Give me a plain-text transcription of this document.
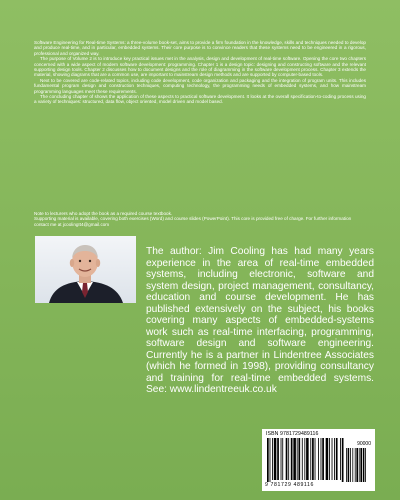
Software Engineering for Real-time Systems: a three-volume book-set, aims to provide a firm foundation in the knowledge, skills and techniques needed to develop and produce real-time, and in particular, embedded systems. Their core purpose is to convince readers that these systems need to be engineered in a rigorous, professional and organized way.

The purpose of Volume 2 is to introduce key practical issues met in the analysis, design and development of real-time software. Opening the core two chapters concerned with a wide aspect of modern software development: programming. Chapter 1 is a design topic: designing and constructing software and the relevant supporting design tools. Chapter 2 discusses how to document designs and the role of diagramming in the software development process. Chapter 3 extends the material, showing diagrams that are a common use, are important to mainstream design methods and are supported by computer-based tools.

Next to be covered are code-related topics, including code development, code organization and packaging and the integration of program units. This includes fundamental program design and construction techniques, computing technology, the programming needs of embedded systems, and how mainstream programming languages meet these requirements.

The concluding chapter of shows the application of these aspects to practical software development. It looks at the overall specification-to-coding process using a variety of techniques: structured, data flow, object oriented, model driven and model based.

Note to lecturers who adopt the book as a required course textbook.

Supporting material is available, covering both exercises (Word) and course slides (PowerPoint). This core is provided free of charge. For further information contact me at jcoolingIt4@gmail.com

The author: Jim Cooling has had many years experience in the area of real-time embedded systems, including electronic, software and system design, project management, consultancy, education and course development. He has published extensively on the subject, his books covering many aspects of embedded-systems work such as real-time interfacing, programming, software design and software engineering. Currently he is a partner in Lindentree Associates (which he formed in 1998), providing consultancy and training for real-time embedded systems. See: www.lindentreeuk.co.uk
ISBN 9781729489116
90000
9 781729 489116
